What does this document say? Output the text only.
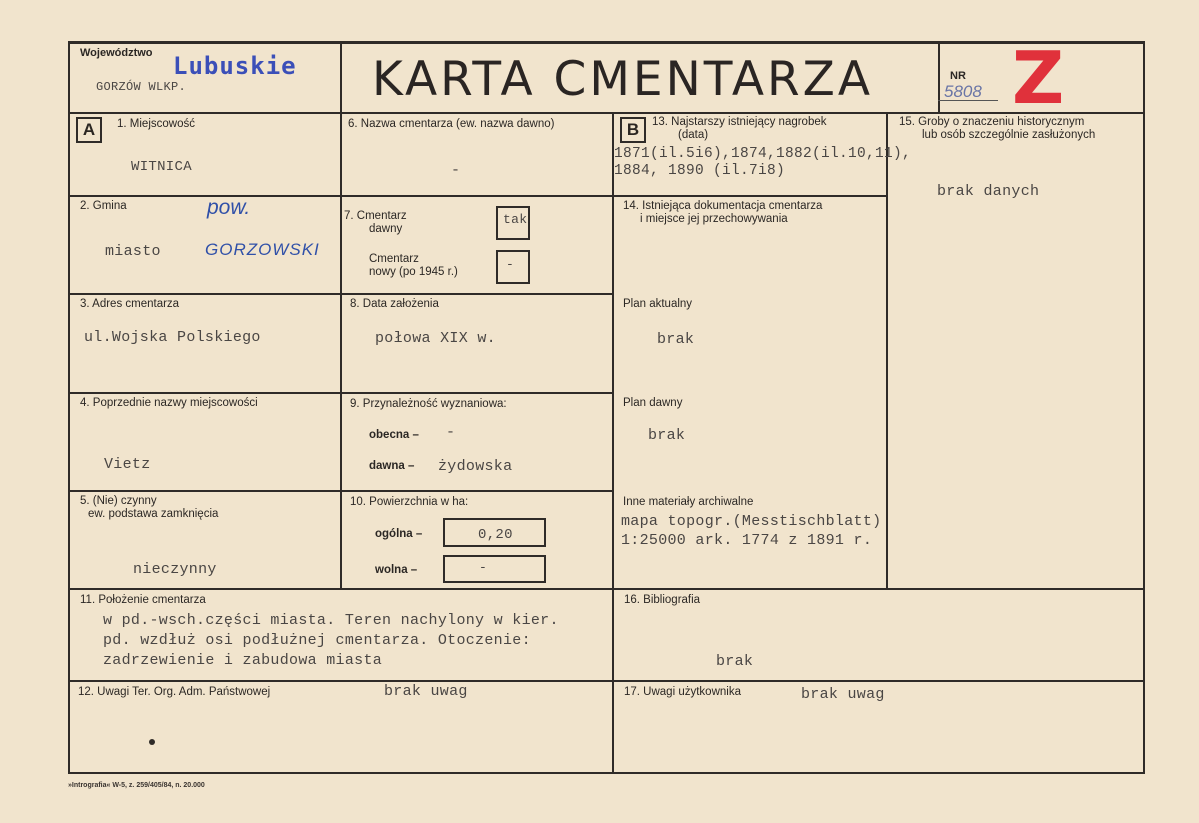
Województwo Lubuskie
GORZÓW WLKP.	KARTA CMENTARZA	NR
5808 Z
A	1. Miejscowość
WITNICA
2. Gmina	pow.
miasto	GORZOWSKI
3. Adres cmentarza
ul.Wojska Polskiego
4. Poprzednie nazwy miejscowości
Vietz
5. (Nie) czynny
ew. podstawa zamknięcia
nieczynny
6. Nazwa cmentarza (ew. nazwa dawno)
-
7. Cmentarz
dawny
tak
Cmentarz
nowy (po 1945 r.)	-
8. Data założenia
połowa XIX w.
9. Przynależność wyznaniowa:
obecna – -
dawna – żydowska
10. Powierzchnia w ha:
ogólna –	0,20
wolna –	-
B	13. Najstarszy istniejący nagrobek
(data)
1871(il.5i6),1874,1882(il.10,11),
1884, 1890 (il.7i8)
14. Istniejąca dokumentacja cmentarza
i miejsce jej przechowywania
Plan aktualny
brak
Plan dawny
brak
Inne materiały archiwalne
mapa topogr.(Messtischblatt)
1:25000 ark. 1774 z 1891 r.
15. Groby o znaczeniu historycznym
lub osób szczególnie zasłużonych
brak danych
11. Położenie cmentarza
w pd.-wsch.części miasta. Teren nachylony w kier.
pd. wzdłuż osi podłużnej cmentarza. Otoczenie:
zadrzewienie i zabudowa miasta
16. Bibliografia
brak
12. Uwagi Ter. Org. Adm. Państwowej	brak uwag	17. Uwagi użytkownika	brak uwag
»Intrografia« W-5, z. 259/405/84, n. 20.000
